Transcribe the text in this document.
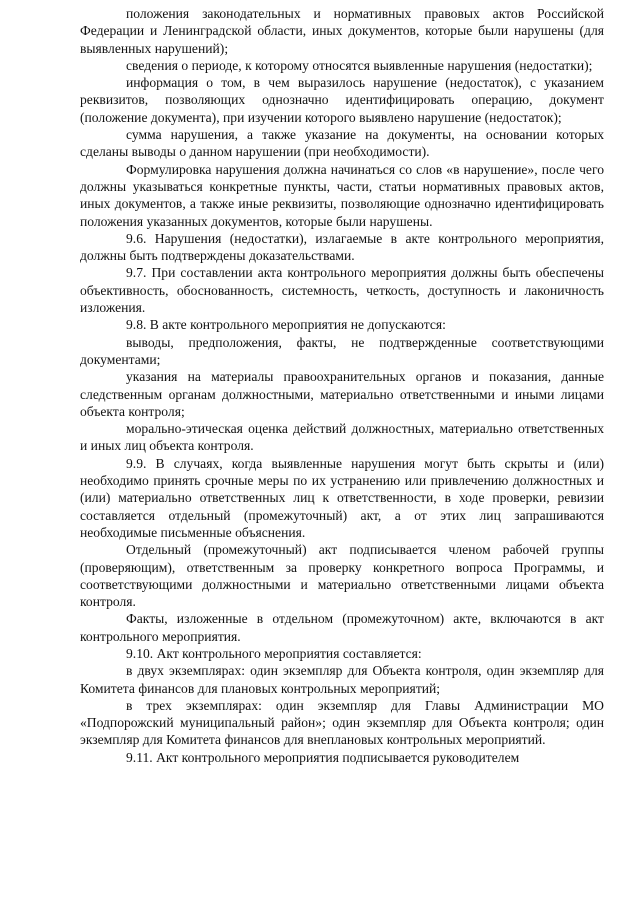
положения законодательных и нормативных правовых актов Российской Федерации и Ленинградской области, иных документов, которые были нарушены (для выявленных нарушений);

сведения о периоде, к которому относятся выявленные нарушения (недостатки);

информация о том, в чем выразилось нарушение (недостаток), с указанием реквизитов, позволяющих однозначно идентифицировать операцию, документ (положение документа), при изучении которого выявлено нарушение (недостаток);

сумма нарушения, а также указание на документы, на основании которых сделаны выводы о данном нарушении (при необходимости).

Формулировка нарушения должна начинаться со слов «в нарушение», после чего должны указываться конкретные пункты, части, статьи нормативных правовых актов, иных документов, а также иные реквизиты, позволяющие однозначно идентифицировать положения указанных документов, которые были нарушены.

9.6. Нарушения (недостатки), излагаемые в акте контрольного мероприятия, должны быть подтверждены доказательствами.

9.7. При составлении акта контрольного мероприятия должны быть обеспечены объективность, обоснованность, системность, четкость, доступность и лаконичность изложения.

9.8. В акте контрольного мероприятия не допускаются:

выводы, предположения, факты, не подтвержденные соответствующими документами;

указания на материалы правоохранительных органов и показания, данные следственным органам должностными, материально ответственными и иными лицами объекта контроля;

морально-этическая оценка действий должностных, материально ответственных и иных лиц объекта контроля.

9.9. В случаях, когда выявленные нарушения могут быть скрыты и (или) необходимо принять срочные меры по их устранению или привлечению должностных и (или) материально ответственных лиц к ответственности, в ходе проверки, ревизии составляется отдельный (промежуточный) акт, а от этих лиц запрашиваются необходимые письменные объяснения.

Отдельный (промежуточный) акт подписывается членом рабочей группы (проверяющим), ответственным за проверку конкретного вопроса Программы, и соответствующими должностными и материально ответственными лицами объекта контроля.

Факты, изложенные в отдельном (промежуточном) акте, включаются в акт контрольного мероприятия.

9.10. Акт контрольного мероприятия составляется:

в двух экземплярах: один экземпляр для Объекта контроля, один экземпляр для Комитета финансов для плановых контрольных мероприятий;

в трех экземплярах: один экземпляр для Главы Администрации МО «Подпорожский муниципальный район»; один экземпляр для Объекта контроля; один экземпляр для Комитета финансов для внеплановых контрольных мероприятий.

9.11. Акт контрольного мероприятия подписывается руководителем
